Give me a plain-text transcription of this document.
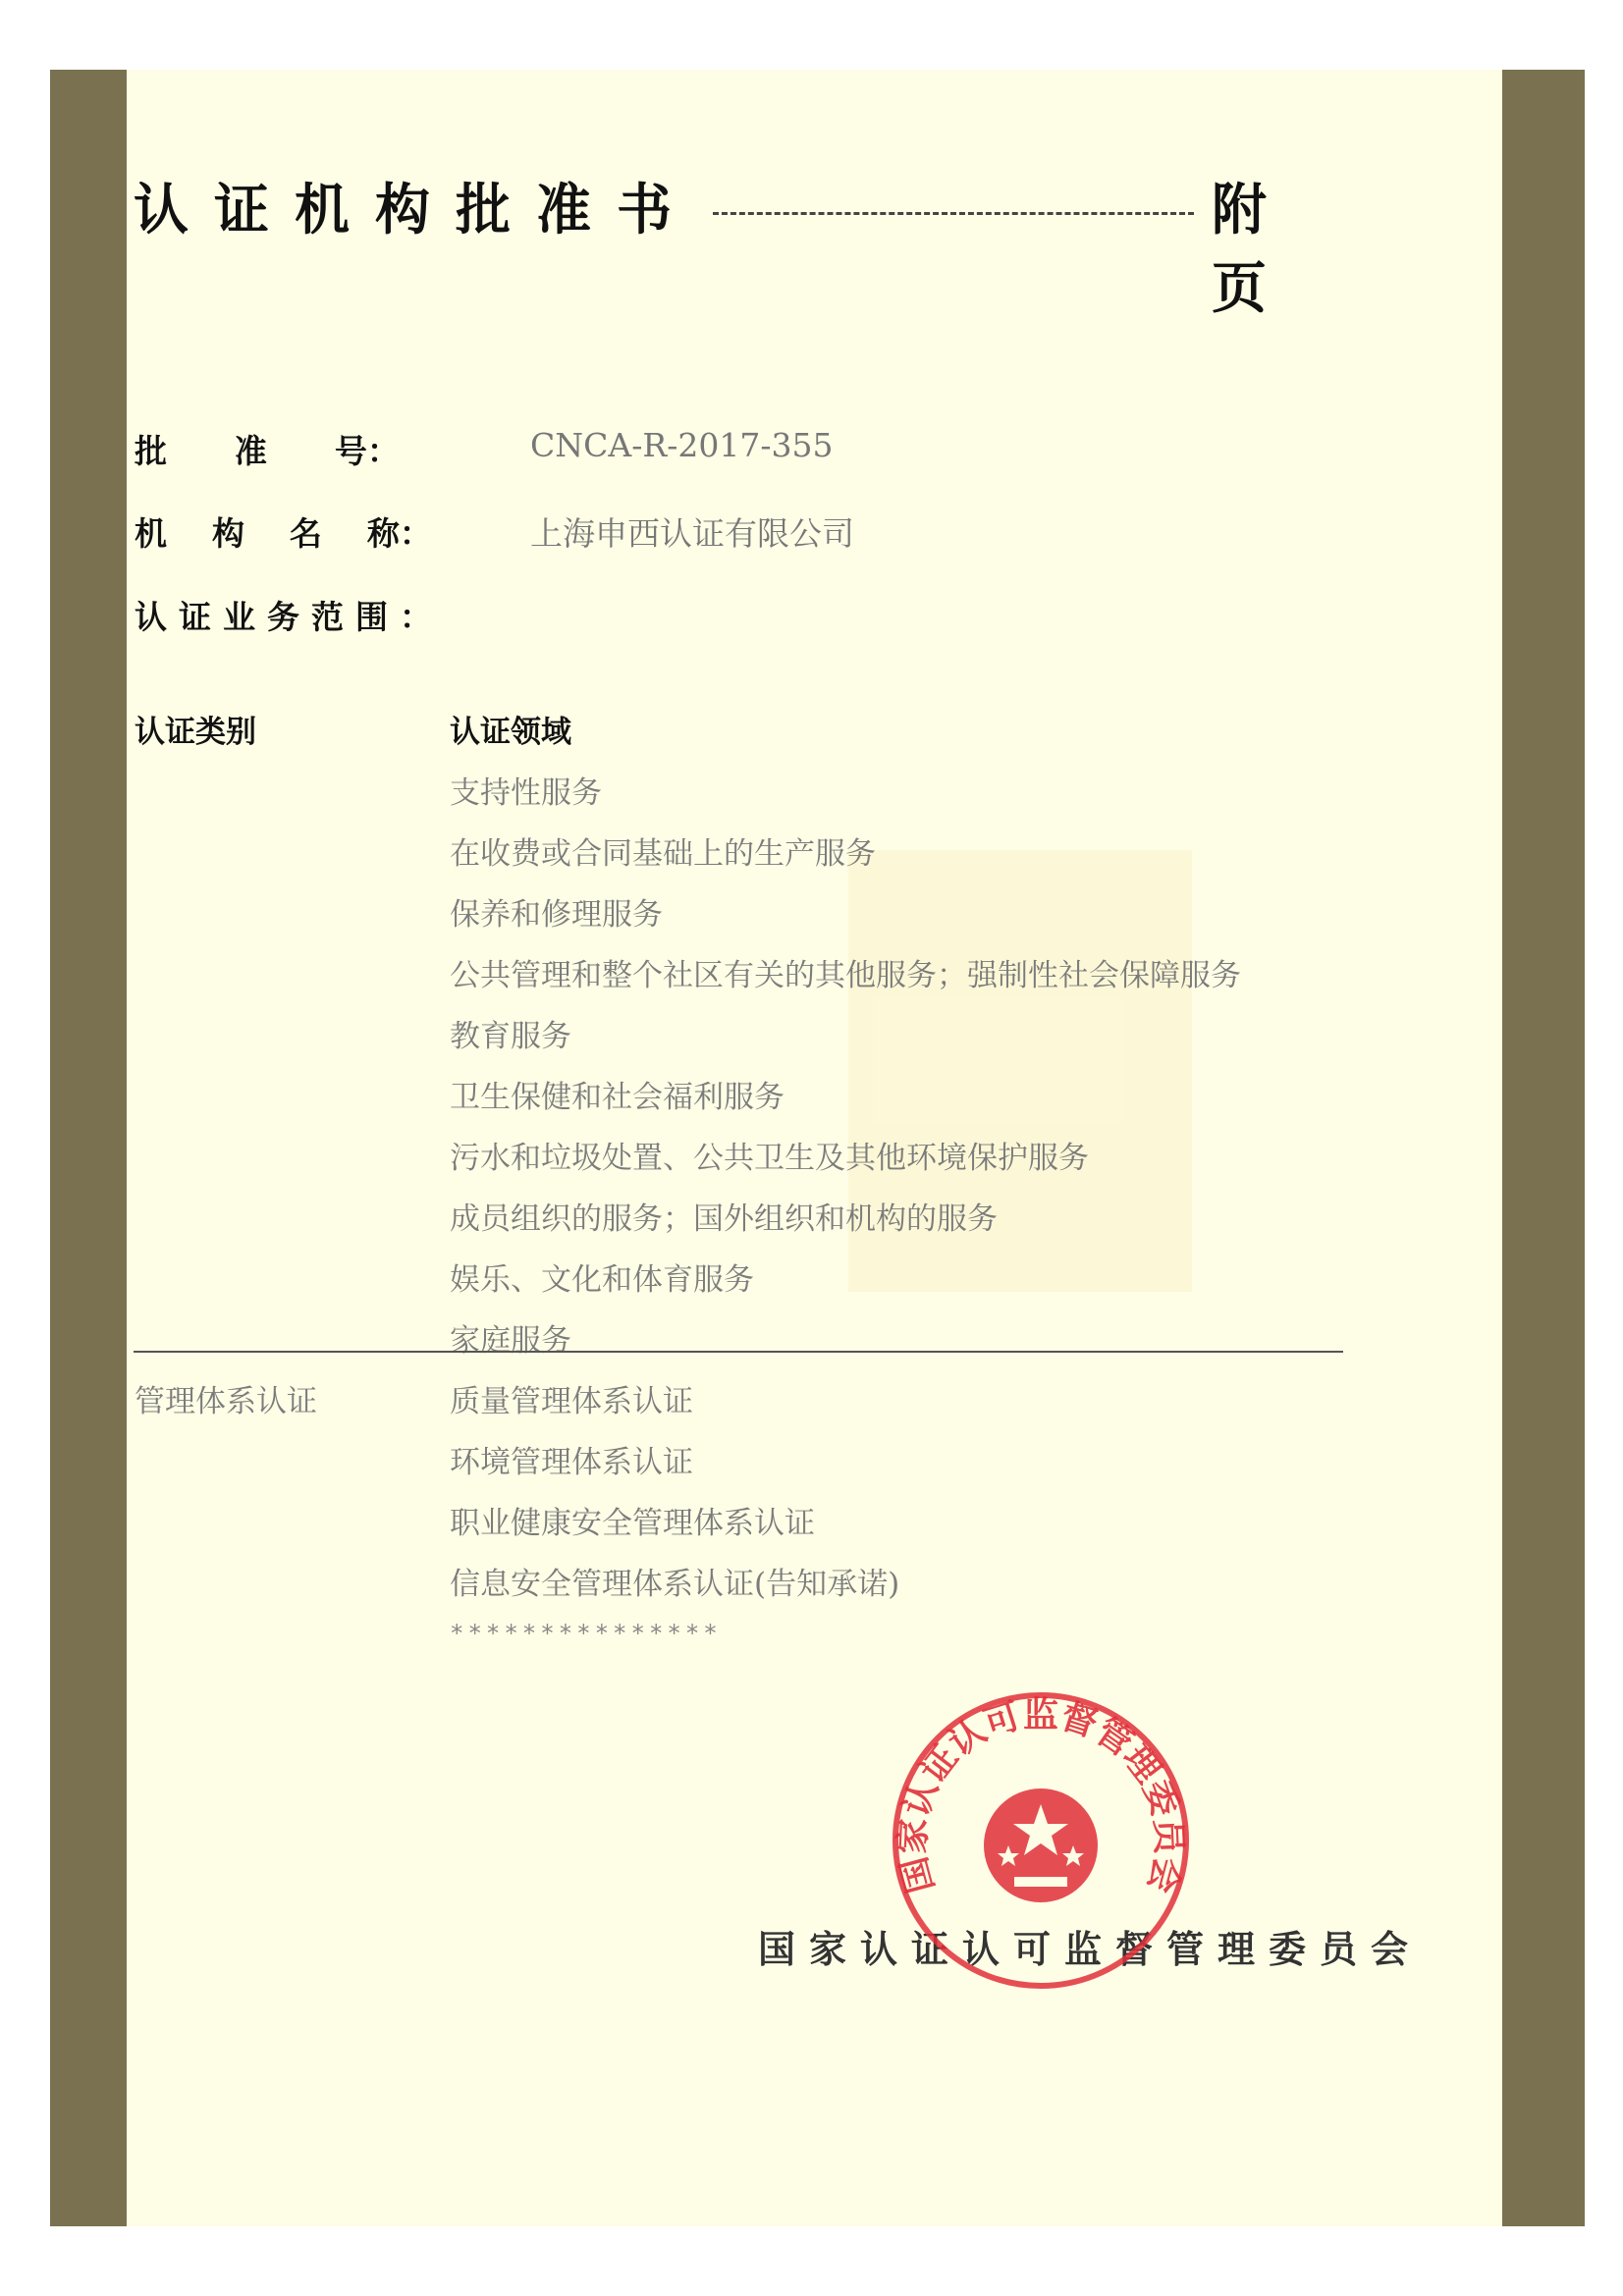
认证机构批准书	附页
批      准      号：	CNCA-R-2017-355
机    构    名    称：	上海申西认证有限公司
认证业务范围：
认证类别	认证领域
支持性服务
在收费或合同基础上的生产服务
保养和修理服务
公共管理和整个社区有关的其他服务；强制性社会保障服务
教育服务
卫生保健和社会福利服务
污水和垃圾处置、公共卫生及其他环境保护服务
成员组织的服务；国外组织和机构的服务
娱乐、文化和体育服务
家庭服务
管理体系认证	质量管理体系认证
环境管理体系认证
职业健康安全管理体系认证
信息安全管理体系认证(告知承诺)
***************
国家认证认可监督管理委员会
国家认证认可监督管理委员会
